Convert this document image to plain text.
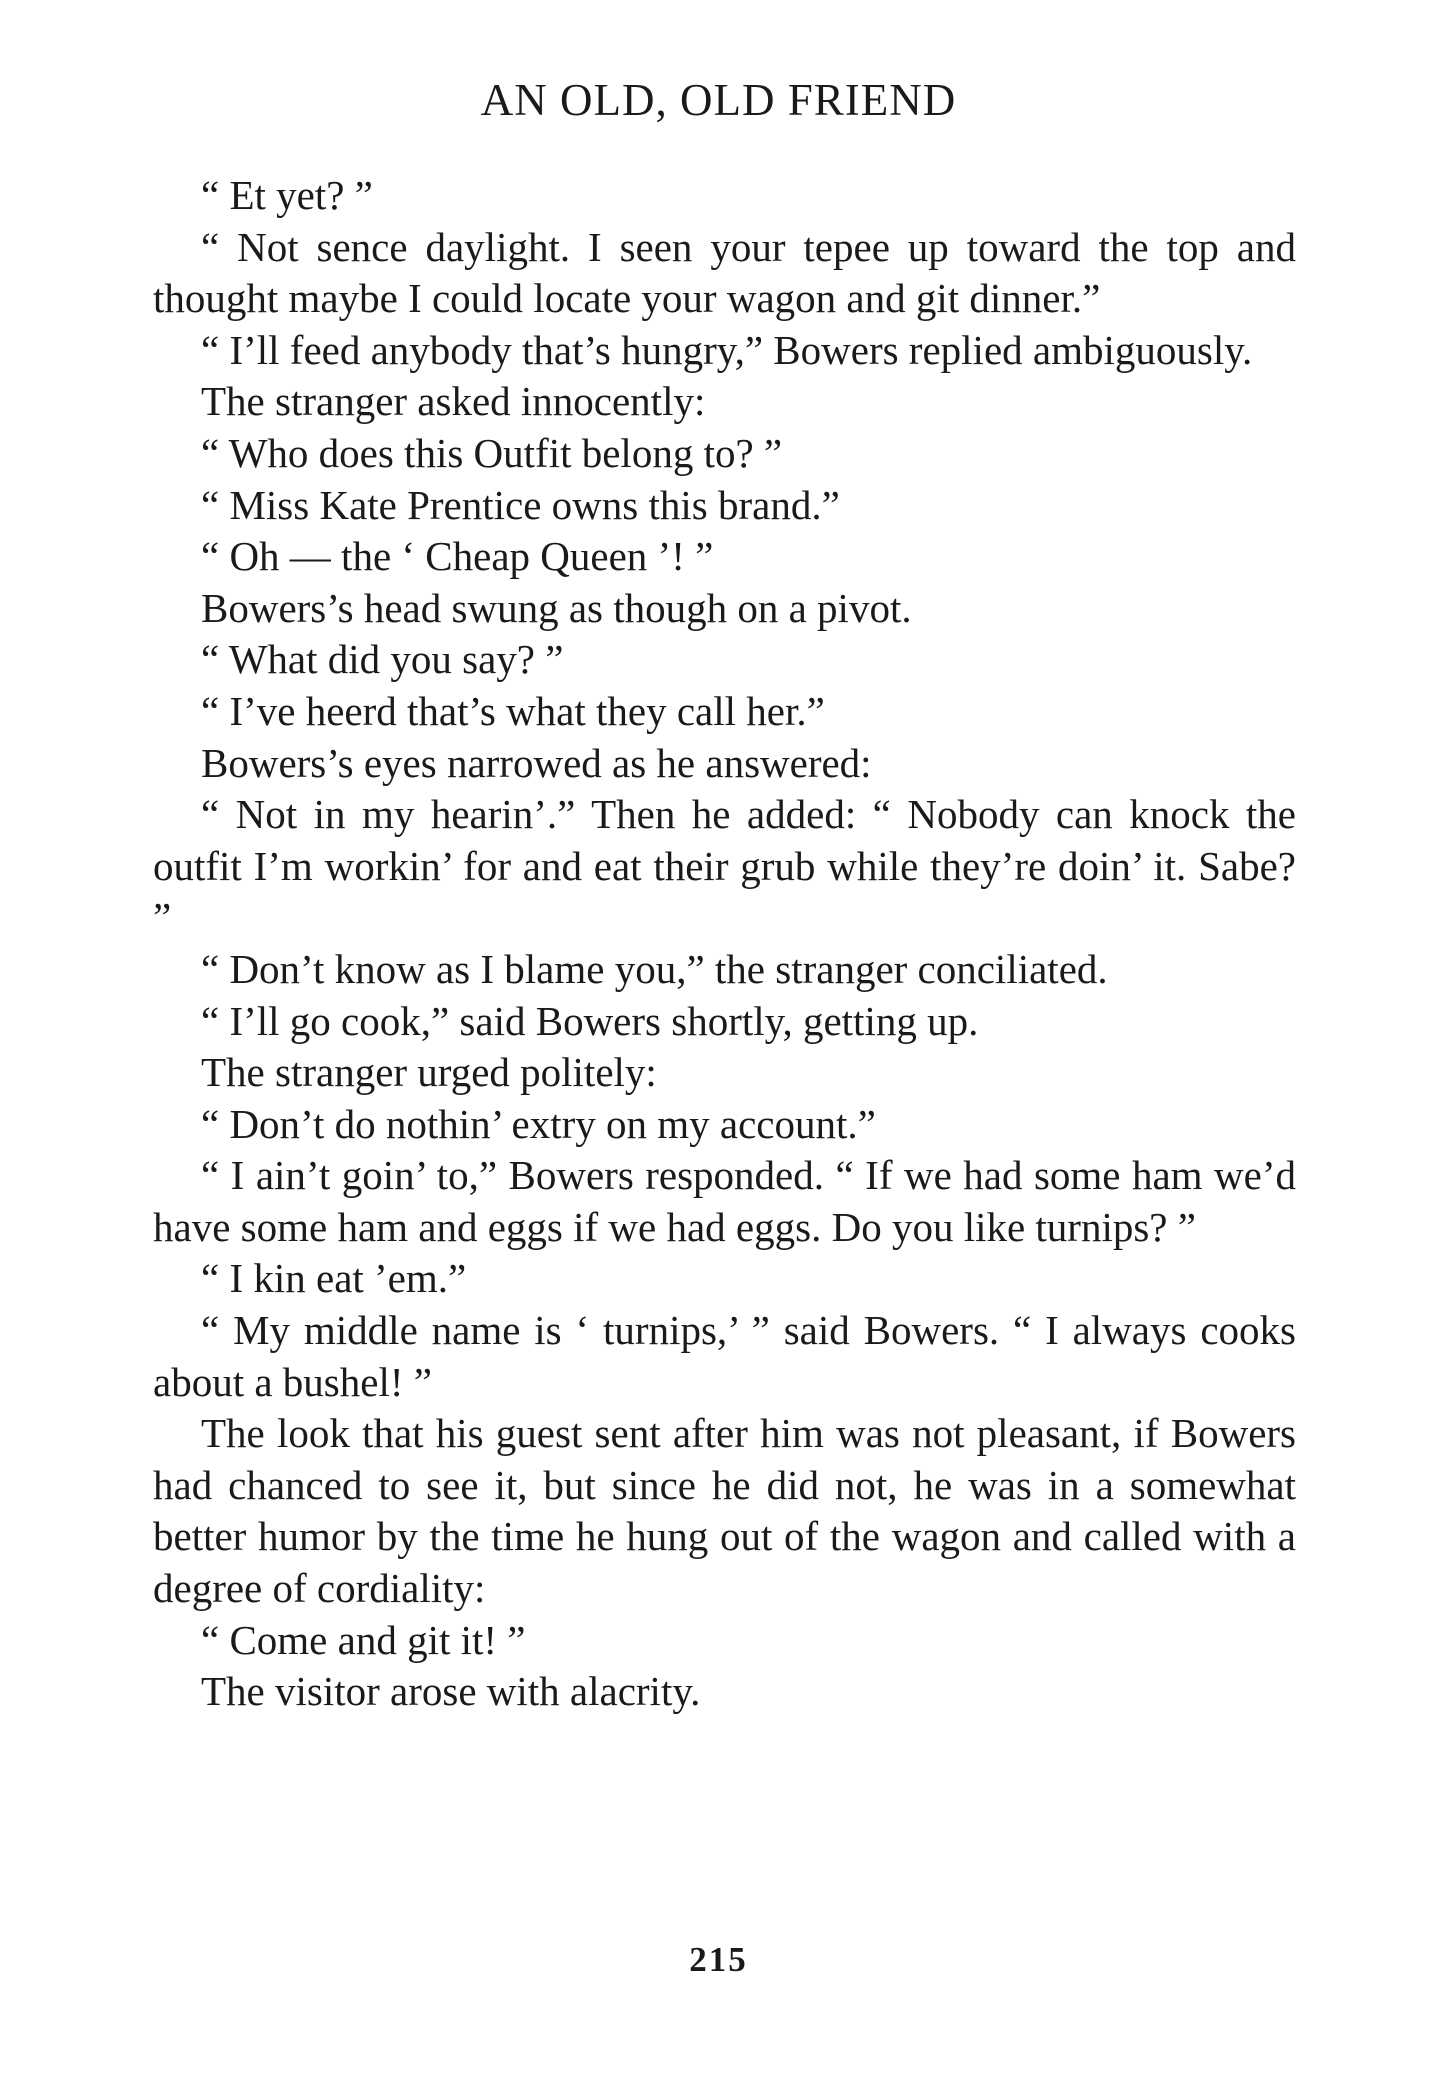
AN OLD, OLD FRIEND

“ Et yet? ”

“ Not sence daylight. I seen your tepee up toward the top and thought maybe I could locate your wagon and git dinner.”

“ I’ll feed anybody that’s hungry,” Bowers replied ambiguously.

The stranger asked innocently:

“ Who does this Outfit belong to? ”

“ Miss Kate Prentice owns this brand.”

“ Oh — the ‘ Cheap Queen ’! ”

Bowers’s head swung as though on a pivot.

“ What did you say? ”

“ I’ve heerd that’s what they call her.”

Bowers’s eyes narrowed as he answered:

“ Not in my hearin’.” Then he added: “ Nobody can knock the outfit I’m workin’ for and eat their grub while they’re doin’ it. Sabe? ”

“ Don’t know as I blame you,” the stranger conciliated.

“ I’ll go cook,” said Bowers shortly, getting up.

The stranger urged politely:

“ Don’t do nothin’ extry on my account.”

“ I ain’t goin’ to,” Bowers responded. “ If we had some ham we’d have some ham and eggs if we had eggs. Do you like turnips? ”

“ I kin eat ’em.”

“ My middle name is ‘ turnips,’ ” said Bowers. “ I always cooks about a bushel! ”

The look that his guest sent after him was not pleasant, if Bowers had chanced to see it, but since he did not, he was in a somewhat better humor by the time he hung out of the wagon and called with a degree of cordiality:

“ Come and git it! ”

The visitor arose with alacrity.

215
